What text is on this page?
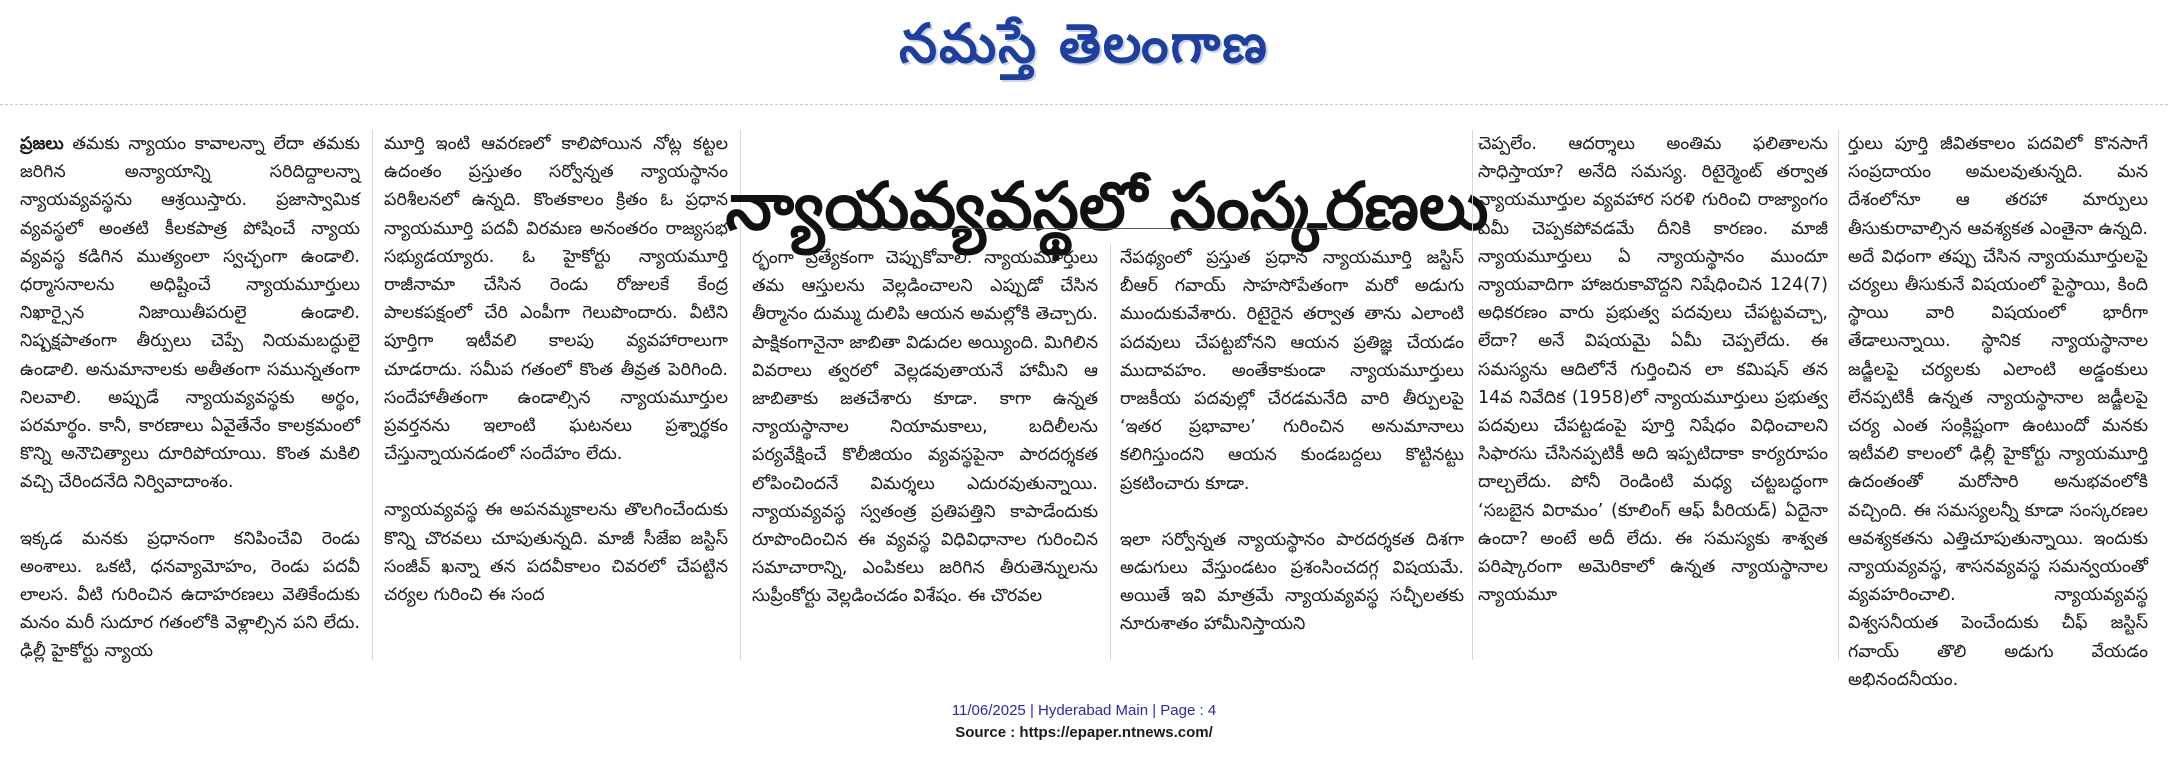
నమస్తే తెలంగాణ

ప్రజలు తమకు న్యాయం కావాలన్నా లేదా తమకు జరిగిన అన్యాయాన్ని సరిదిద్దాలన్నా న్యాయవ్యవస్థను ఆశ్రయిస్తారు. ప్రజాస్వామిక వ్యవస్థలో అంతటి కీలకపాత్ర పోషించే న్యాయ వ్యవస్థ కడిగిన ముత్యంలా స్వచ్ఛంగా ఉండాలి. ధర్మాసనాలను అధిష్టించే న్యాయమూర్తులు నిఖార్సైన నిజాయితీపరులై ఉండాలి. నిష్పక్షపాతంగా తీర్పులు చెప్పే నియమబద్ధులై ఉండాలి. అనుమానాలకు అతీతంగా సమున్నతంగా నిలవాలి. అప్పుడే న్యాయవ్యవస్థకు అర్థం, పరమార్థం. కానీ, కారణాలు ఏవైతేనేం కాలక్రమంలో కొన్ని అనౌచిత్యాలు దూరిపోయాయి. కొంత మకిలి వచ్చి చేరిందనేది నిర్వివాదాంశం.

ఇక్కడ మనకు ప్రధానంగా కనిపించేవి రెండు అంశాలు. ఒకటి, ధనవ్యామోహం, రెండు పదవీ లాలస. వీటి గురించిన ఉదాహరణలు వెతికేందుకు మనం మరీ సుదూర గతంలోకి వెళ్లాల్సిన పని లేదు. ఢిల్లీ హైకోర్టు న్యాయ

మూర్తి ఇంటి ఆవరణలో కాలిపోయిన నోట్ల కట్టల ఉదంతం ప్రస్తుతం సర్వోన్నత న్యాయస్థానం పరిశీలనలో ఉన్నది. కొంతకాలం క్రితం ఓ ప్రధాన న్యాయమూర్తి పదవీ విరమణ అనంతరం రాజ్యసభ సభ్యుడయ్యారు. ఓ హైకోర్టు న్యాయమూర్తి రాజీనామా చేసిన రెండు రోజులకే కేంద్ర పాలకపక్షంలో చేరి ఎంపీగా గెలుపొందారు. వీటిని పూర్తిగా ఇటీవలి కాలపు వ్యవహారాలుగా చూడరాదు. సమీప గతంలో కొంత తీవ్రత పెరిగింది. సందేహాతీతంగా ఉండాల్సిన న్యాయమూర్తుల ప్రవర్తనను ఇలాంటి ఘటనలు ప్రశ్నార్థకం చేస్తున్నాయనడంలో సందేహం లేదు.

న్యాయవ్యవస్థ ఈ అపనమ్మకాలను తొలగించేందుకు కొన్ని చొరవలు చూపుతున్నది. మాజీ సీజేఐ జస్టిస్ సంజీవ్ ఖన్నా తన పదవీకాలం చివరలో చేపట్టిన చర్యల గురించి ఈ సంద

న్యాయవ్యవస్థలో సంస్కరణలు

ర్భంగా ప్రత్యేకంగా చెప్పుకోవాలి. న్యాయమూర్తులు తమ ఆస్తులను వెల్లడించాలని ఎప్పుడో చేసిన తీర్మానం దుమ్ము దులిపి ఆయన అమల్లోకి తెచ్చారు. పాక్షికంగానైనా జాబితా విడుదల అయ్యింది. మిగిలిన వివరాలు త్వరలో వెల్లడవుతాయనే హామీని ఆ జాబితాకు జతచేశారు కూడా. కాగా ఉన్నత న్యాయస్థానాల నియామకాలు, బదిలీలను పర్యవేక్షించే కొలీజియం వ్యవస్థపైనా పారదర్శకత లోపించిందనే విమర్శలు ఎదురవుతున్నాయి. న్యాయవ్యవస్థ స్వతంత్ర ప్రతిపత్తిని కాపాడేందుకు రూపొందించిన ఈ వ్యవస్థ విధివిధానాల గురించిన సమాచారాన్ని, ఎంపికలు జరిగిన తీరుతెన్నులను సుప్రీంకోర్టు వెల్లడించడం విశేషం. ఈ చొరవల

నేపథ్యంలో ప్రస్తుత ప్రధాన న్యాయమూర్తి జస్టిస్ బీఆర్ గవాయ్ సాహసోపేతంగా మరో అడుగు ముందుకువేశారు. రిటైరైన తర్వాత తాను ఎలాంటి పదవులు చేపట్టబోనని ఆయన ప్రతిజ్ఞ చేయడం ముదావహం. అంతేకాకుండా న్యాయమూర్తులు రాజకీయ పదవుల్లో చేరడమనేది వారి తీర్పులపై ‘ఇతర ప్రభావాల’ గురించిన అనుమానాలు కలిగిస్తుందని ఆయన కుండబద్దలు కొట్టినట్టు ప్రకటించారు కూడా.

ఇలా సర్వోన్నత న్యాయస్థానం పారదర్శకత దిశగా అడుగులు వేస్తుండటం ప్రశంసించదగ్గ విషయమే. అయితే ఇవి మాత్రమే న్యాయవ్యవస్థ సచ్ఛీలతకు నూరుశాతం హామీనిస్తాయని

చెప్పలేం. ఆదర్శాలు అంతిమ ఫలితాలను సాధిస్తాయా? అనేది సమస్య. రిటైర్మెంట్ తర్వాత న్యాయమూర్తుల వ్యవహార సరళి గురించి రాజ్యాంగం ఏమీ చెప్పకపోవడమే దీనికి కారణం. మాజీ న్యాయమూర్తులు ఏ న్యాయస్థానం ముందూ న్యాయవాదిగా హాజరుకావొద్దని నిషేధించిన 124(7) అధికరణం వారు ప్రభుత్వ పదవులు చేపట్టవచ్చా, లేదా? అనే విషయమై ఏమీ చెప్పలేదు. ఈ సమస్యను ఆదిలోనే గుర్తించిన లా కమిషన్ తన 14వ నివేదిక (1958)లో న్యాయమూర్తులు ప్రభుత్వ పదవులు చేపట్టడంపై పూర్తి నిషేధం విధించాలని సిఫారసు చేసినప్పటికీ అది ఇప్పటిదాకా కార్యరూపం దాల్చలేదు. పోనీ రెండింటి మధ్య చట్టబద్ధంగా ‘సబబైన విరామం’ (కూలింగ్ ఆఫ్ పీరియడ్) ఏదైనా ఉందా? అంటే అదీ లేదు. ఈ సమస్యకు శాశ్వత పరిష్కారంగా అమెరికాలో ఉన్నత న్యాయస్థానాల న్యాయమూ

ర్తులు పూర్తి జీవితకాలం పదవిలో కొనసాగే సంప్రదాయం అమలవుతున్నది. మన దేశంలోనూ ఆ తరహా మార్పులు తీసుకురావాల్సిన ఆవశ్యకత ఎంతైనా ఉన్నది. అదే విధంగా తప్పు చేసిన న్యాయమూర్తులపై చర్యలు తీసుకునే విషయంలో పైస్థాయి, కింది స్థాయి వారి విషయంలో భారీగా తేడాలున్నాయి. స్థానిక న్యాయస్థానాల జడ్జీలపై చర్యలకు ఎలాంటి అడ్డంకులు లేనప్పటికీ ఉన్నత న్యాయస్థానాల జడ్జీలపై చర్య ఎంత సంక్లిష్టంగా ఉంటుందో మనకు ఇటీవలి కాలంలో ఢిల్లీ హైకోర్టు న్యాయమూర్తి ఉదంతంతో మరోసారి అనుభవంలోకి వచ్చింది. ఈ సమస్యలన్నీ కూడా సంస్కరణల ఆవశ్యకతను ఎత్తిచూపుతున్నాయి. ఇందుకు న్యాయవ్యవస్థ, శాసనవ్యవస్థ సమన్వయంతో వ్యవహరించాలి. న్యాయవ్యవస్థ విశ్వసనీయత పెంచేందుకు చీఫ్ జస్టిస్ గవాయ్ తొలి అడుగు వేయడం అభినందనీయం.

11/06/2025 | Hyderabad Main | Page : 4
Source : https://epaper.ntnews.com/
